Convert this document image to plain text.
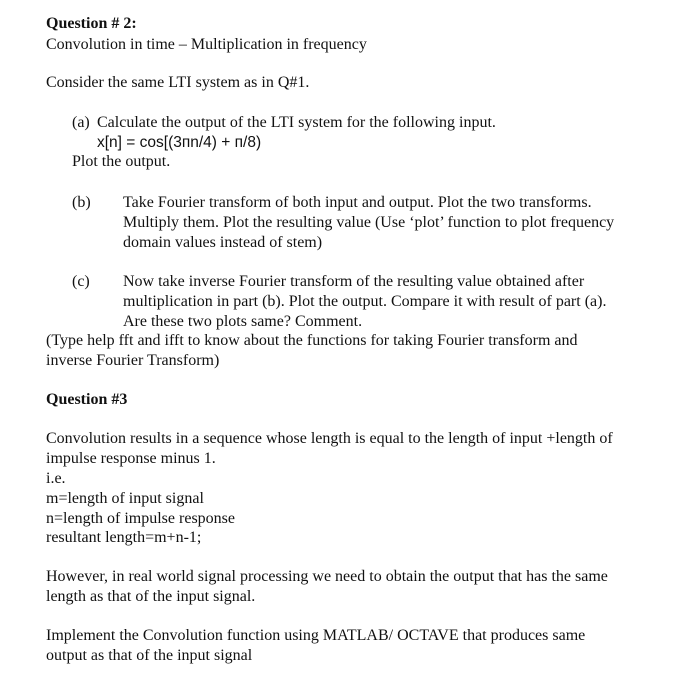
Question # 2:
Convolution in time – Multiplication in frequency
Consider the same LTI system as in Q#1.
(a) Calculate the output of the LTI system for the following input.
x[n] = cos[(3пn/4) + п/8)
Plot the output.
(b) Take Fourier transform of both input and output. Plot the two transforms.
Multiply them. Plot the resulting value (Use ‘plot’ function to plot frequency
domain values instead of stem)
(c) Now take inverse Fourier transform of the resulting value obtained after
multiplication in part (b). Plot the output. Compare it with result of part (a).
Are these two plots same? Comment.
(Type help fft and ifft to know about the functions for taking Fourier transform and
inverse Fourier Transform)
Question #3
Convolution results in a sequence whose length is equal to the length of input +length of
impulse response minus 1.
i.e.
m=length of input signal
n=length of impulse response
resultant length=m+n-1;
However, in real world signal processing we need to obtain the output that has the same
length as that of the input signal.
Implement the Convolution function using MATLAB/ OCTAVE that produces same
output as that of the input signal
